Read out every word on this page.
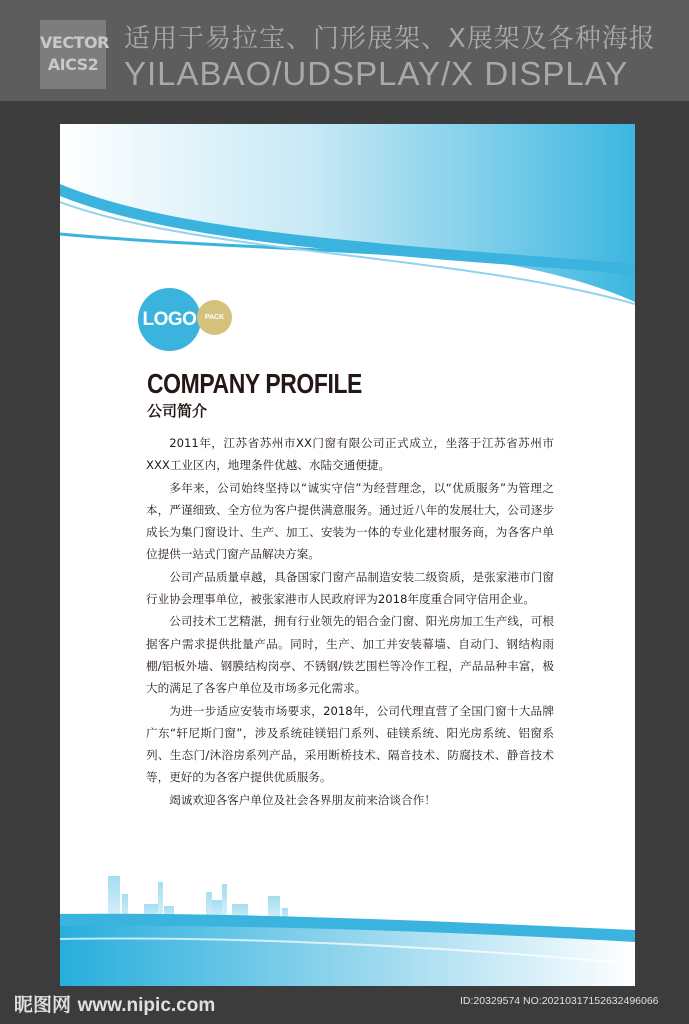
VECTOR
AICS2
适用于易拉宝、门形展架、X展架及各种海报
YILABAO/UDSPLAY/X DISPLAY
LOGO	PACK
COMPANY PROFILE
公司简介

2011年，江苏省苏州市XX门窗有限公司正式成立，坐落于江苏省苏州市XXX工业区内，地理条件优越、水陆交通便捷。

多年来，公司始终坚持以“诚实守信”为经营理念，以“优质服务”为管理之本，严谨细致、全方位为客户提供满意服务。通过近八年的发展壮大，公司逐步成长为集门窗设计、生产、加工、安装为一体的专业化建材服务商，为各客户单位提供一站式门窗产品解决方案。

公司产品质量卓越，具备国家门窗产品制造安装二级资质，是张家港市门窗行业协会理事单位，被张家港市人民政府评为2018年度重合同守信用企业。

公司技术工艺精湛，拥有行业领先的铝合金门窗、阳光房加工生产线，可根据客户需求提供批量产品。同时，生产、加工并安装幕墙、自动门、钢结构雨棚/铝板外墙、钢膜结构岗亭、不锈钢/铁艺围栏等冷作工程，产品品种丰富，极大的满足了各客户单位及市场多元化需求。

为进一步适应安装市场要求，2018年，公司代理直营了全国门窗十大品牌广东“轩尼斯门窗”，涉及系统硅镁铝门系列、硅镁系统、阳光房系统、铝窗系列、生态门/沐浴房系列产品，采用断桥技术、隔音技术、防腐技术、静音技术等，更好的为各客户提供优质服务。

竭诚欢迎各客户单位及社会各界朋友前来洽谈合作！

昵图网 www.nipic.com	ID:20329574 NO:20210317152632496066
